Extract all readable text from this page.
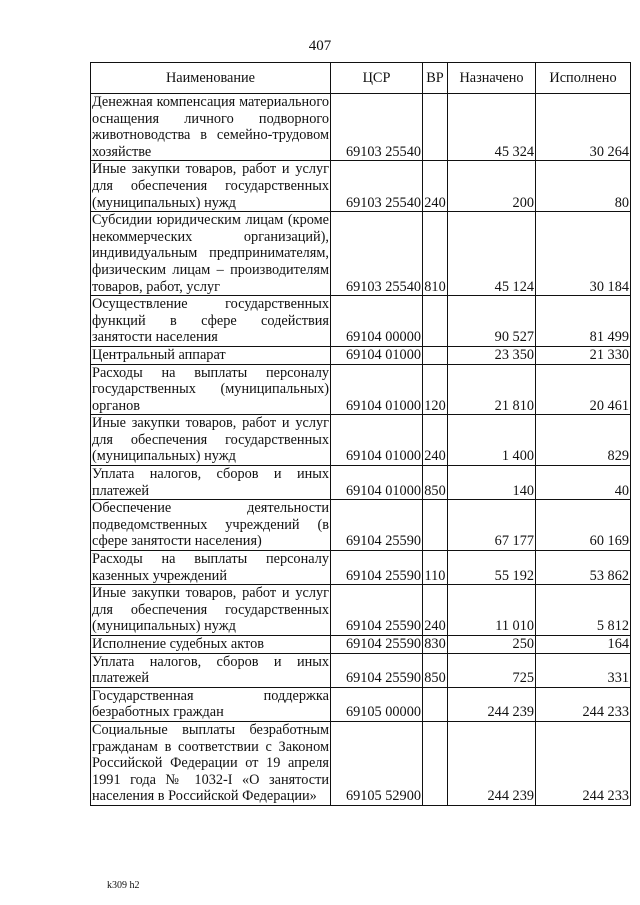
407
Наименование	ЦСР	ВР	Назначено	Исполнено
Денежная компенсация материального оснащения личного подворного животноводства в семейно-трудовом хозяйстве	69103 25540		45 324	30 264
Иные закупки товаров, работ и услуг для обеспечения государственных (муниципальных) нужд	69103 25540	240	200	80
Субсидии юридическим лицам (кроме некоммерческих организаций), индивидуальным предпринимателям, физическим лицам – производителям товаров, работ, услуг	69103 25540	810	45 124	30 184
Осуществление государственных функций в сфере содействия занятости населения	69104 00000		90 527	81 499
Центральный аппарат	69104 01000		23 350	21 330
Расходы на выплаты персоналу государственных (муниципальных) органов	69104 01000	120	21 810	20 461
Иные закупки товаров, работ и услуг для обеспечения государственных (муниципальных) нужд	69104 01000	240	1 400	829
Уплата налогов, сборов и иных платежей	69104 01000	850	140	40
Обеспечение деятельности подведомственных учреждений (в сфере занятости населения)	69104 25590		67 177	60 169
Расходы на выплаты персоналу казенных учреждений	69104 25590	110	55 192	53 862
Иные закупки товаров, работ и услуг для обеспечения государственных (муниципальных) нужд	69104 25590	240	11 010	5 812
Исполнение судебных актов	69104 25590	830	250	164
Уплата налогов, сборов и иных платежей	69104 25590	850	725	331
Государственная поддержка безработных граждан	69105 00000		244 239	244 233
Социальные выплаты безработным гражданам в соответствии с Законом Российской Федерации от 19 апреля 1991 года № 1032-I «О занятости населения в Российской Федерации»	69105 52900		244 239	244 233
k309 h2
